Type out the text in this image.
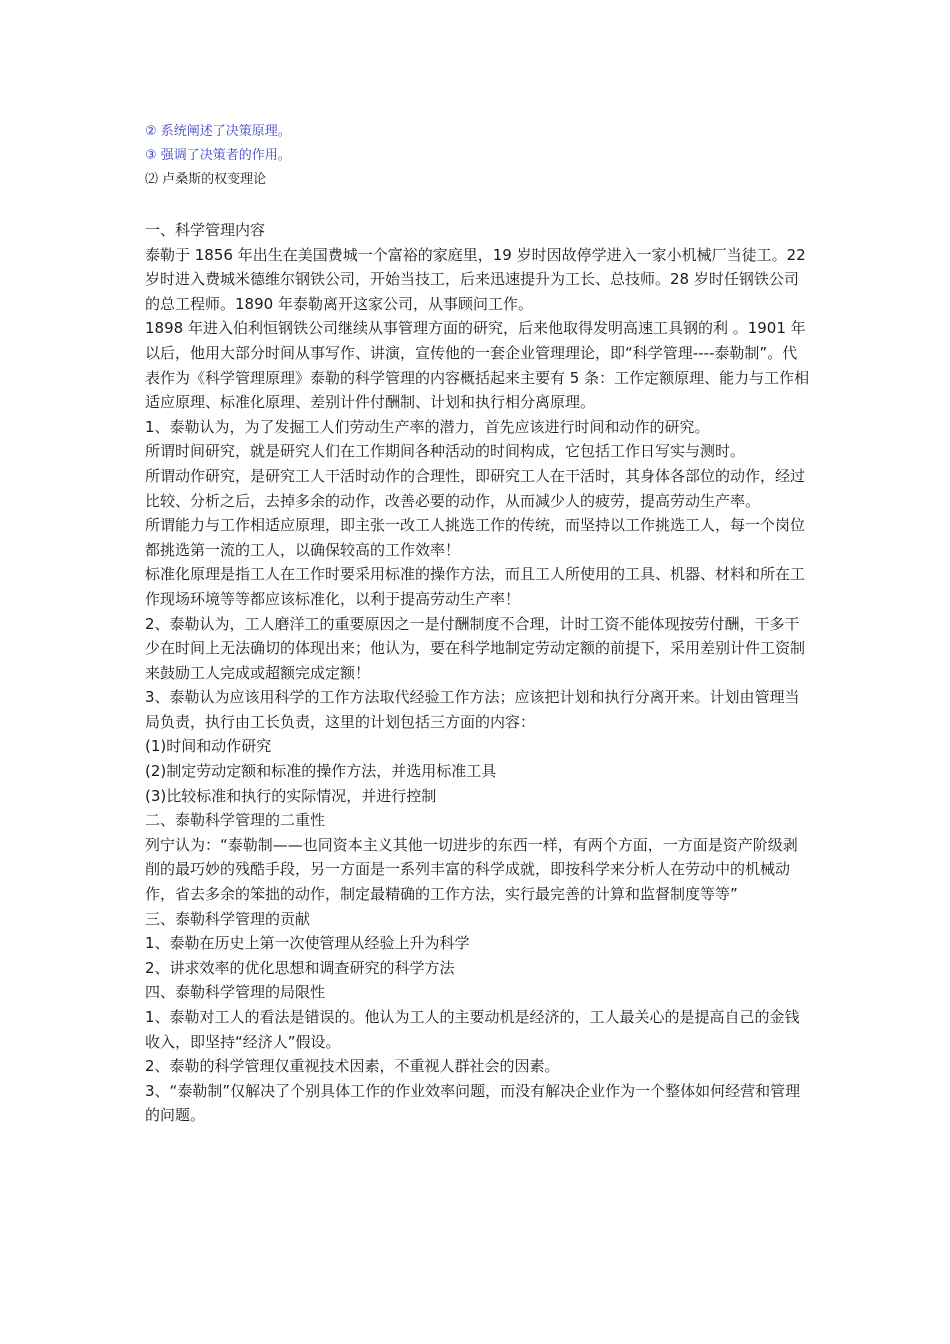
② 系统阐述了决策原理。
③ 强调了决策者的作用。
⑵ 卢桑斯的权变理论

一、科学管理内容

泰勒于 1856 年出生在美国费城一个富裕的家庭里，19 岁时因故停学进入一家小机械厂当徒工。22 岁时进入费城米德维尔钢铁公司，开始当技工，后来迅速提升为工长、总技师。28 岁时任钢铁公司的总工程师。1890 年泰勒离开这家公司，从事顾问工作。

1898 年进入伯利恒钢铁公司继续从事管理方面的研究，后来他取得发明高速工具钢的利 。1901 年以后，他用大部分时间从事写作、讲演，宣传他的一套企业管理理论，即“科学管理----泰勒制”。代表作为《科学管理原理》泰勒的科学管理的内容概括起来主要有 5 条：工作定额原理、能力与工作相适应原理、标准化原理、差别计件付酬制、计划和执行相分离原理。

1、泰勒认为，为了发掘工人们劳动生产率的潜力，首先应该进行时间和动作的研究。

所谓时间研究，就是研究人们在工作期间各种活动的时间构成，它包括工作日写实与测时。

所谓动作研究，是研究工人干活时动作的合理性，即研究工人在干活时，其身体各部位的动作，经过比较、分析之后，去掉多余的动作，改善必要的动作，从而减少人的疲劳，提高劳动生产率。

所谓能力与工作相适应原理，即主张一改工人挑选工作的传统，而坚持以工作挑选工人，每一个岗位都挑选第一流的工人，以确保较高的工作效率！

标准化原理是指工人在工作时要采用标准的操作方法，而且工人所使用的工具、机器、材料和所在工作现场环境等等都应该标准化，以利于提高劳动生产率！

2、泰勒认为，工人磨洋工的重要原因之一是付酬制度不合理，计时工资不能体现按劳付酬，干多干少在时间上无法确切的体现出来；他认为，要在科学地制定劳动定额的前提下，采用差别计件工资制来鼓励工人完成或超额完成定额！

3、泰勒认为应该用科学的工作方法取代经验工作方法；应该把计划和执行分离开来。计划由管理当局负责，执行由工长负责，这里的计划包括三方面的内容：

(1)时间和动作研究

(2)制定劳动定额和标准的操作方法，并选用标准工具

(3)比较标准和执行的实际情况，并进行控制

二、泰勒科学管理的二重性

列宁认为：“泰勒制——也同资本主义其他一切进步的东西一样，有两个方面，一方面是资产阶级剥削的最巧妙的残酷手段，另一方面是一系列丰富的科学成就，即按科学来分析人在劳动中的机械动作，省去多余的笨拙的动作，制定最精确的工作方法，实行最完善的计算和监督制度等等”

三、泰勒科学管理的贡献

1、泰勒在历史上第一次使管理从经验上升为科学

2、讲求效率的优化思想和调查研究的科学方法

四、泰勒科学管理的局限性

1、泰勒对工人的看法是错误的。他认为工人的主要动机是经济的，工人最关心的是提高自己的金钱收入，即坚持“经济人”假设。

2、泰勒的科学管理仅重视技术因素，不重视人群社会的因素。

3、“泰勒制”仅解决了个别具体工作的作业效率问题，而没有解决企业作为一个整体如何经营和管理的问题。
